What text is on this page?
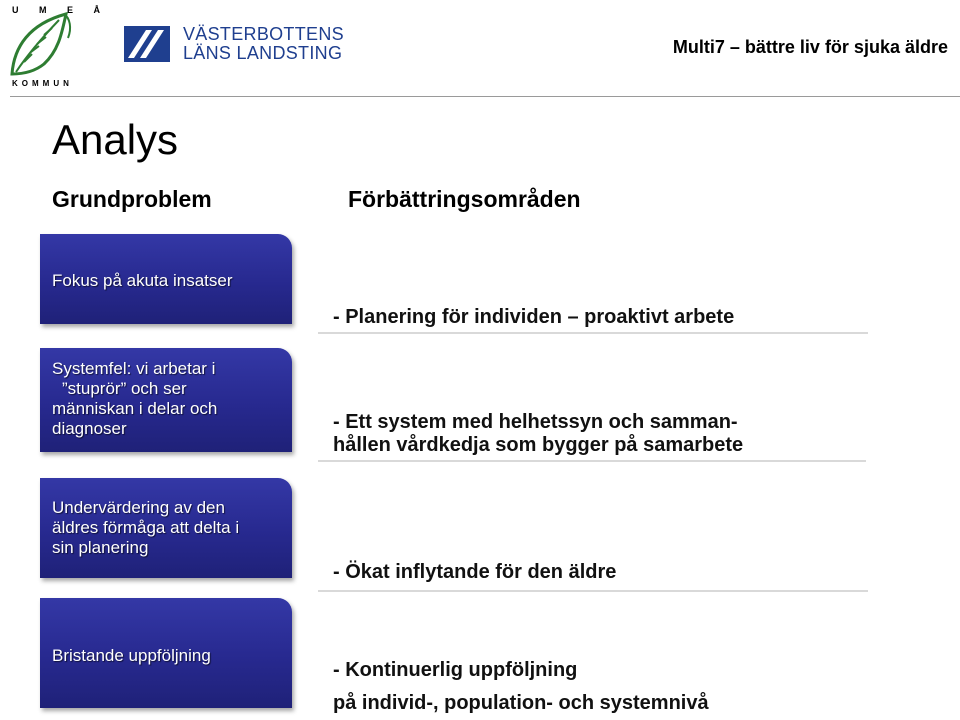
U M E Å
KOMMUN
VÄSTERBOTTENS
LÄNS LANDSTING	Multi7 – bättre liv för sjuka äldre
Analys
Grundproblem	Förbättringsområden
Fokus på akuta insatser
Systemfel: vi arbetar i
”stuprör” och ser
människan i delar och
diagnoser
Undervärdering av den
äldres förmåga att delta i
sin planering
Bristande uppföljning
- Planering för individen – proaktivt arbete
- Ett system med helhetssyn och samman-
hållen vårdkedja som bygger på samarbete
- Ökat inflytande för den äldre
- Kontinuerlig uppföljning
på individ-, population- och systemnivå
